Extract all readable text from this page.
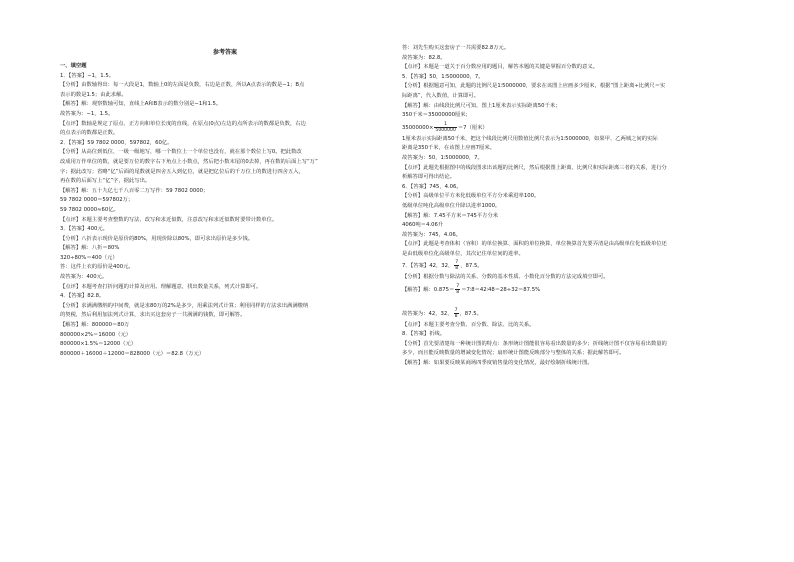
参考答案
一、填空题
1．【答案】−1，1.5。
【分析】由数轴得出：每一大段是1，数轴上0的左面是负数，右边是正数，所以A点表示的数是−1；B点
表示的数是1.5；由此求解。
【解答】解：观察数轴可知，直线上A和B表示的数分别是−1和1.5。
故答案为：−1，1.5。
【点评】数轴是规定了原点、正方向和单位长度的直线，在原点(0点)左边的点所表示的数都是负数，右边
的点表示的数都是正数。
2．【答案】59 7802 0000，597802，60亿。
【分析】从高位到低位，一级一级地写，哪一个数位上一个单位也没有，就在那个数位上写0。把此数改
改成用万作单位的数，就是要万位的数字右下角点上小数点，然后把小数末尾的0去掉，再在数的后面上写“万”
字；据此改写；省略“亿”后面的尾数就是四舍五入到亿位，就是把亿位后的千万位上的数进行四舍五入，
再在数的后面写上“亿”字，据此写出。
【解答】解：五十九亿七千八百零二万写作：59 7802 0000；
59 7802 0000＝597802万；
59 7802 0000≈60亿。
【点评】本题主要考查整数的写法、改写和求近似数，注意改写和求近似数时要带计数单位。
3．【答案】400元。
【分析】八折表示现价是原价的80%，用现价除以80%，即可求出原价是多少钱。
【解答】解：八折＝80%
320÷80%＝400（元）
答：这件上衣的原价是400元。
故答案为：400元。
【点评】本题考查打折问题的计算及应用。理解题意，找出数量关系，列式计算即可。
4．【答案】82.8。
【分析】求满满缴纳的中间费，就是求80万的2%是多少，用乘法列式计算；利用同样的方法求出满满缴纳
的契税，然后利用加法列式计算，求出买这套房子一共满满的钱数，即可解答。
【解答】解：800000＝80万
800000×2%＝16000（元）
800000×1.5%＝12000（元）
800000＋16000＋12000＝828000（元）＝82.8（万元）
答：刘先生购买这套房子一共需要82.8万元。
故答案为：82.8。
【点评】本题是一道关于百分数应用的题目，解答本题的关键是掌握百分数的意义。
5．【答案】50，1∶5000000，7。
【分析】根据题意可知，此题的比例尺是1∶5000000，要求在该图上应画多少厘米，根据“图上距离÷比例尺＝实
际距离”，代入数值，计算即可。
【解答】解：由线段比例尺可知，图上1厘米表示实际距离50千米；
350千米＝35000000厘米；
$35000000\times \frac{1}{5000000} =7$（厘米）
1厘米表示实际距离50千米，把这个线段比例尺用数值比例尺表示为1∶5000000，如果甲、乙两城之间的实际
距离是350千米，在该图上应画7厘米。
故答案为：50，1∶5000000，7。
【点评】此题先根据图中的线段图求出该题的比例尺，然后根据图上距离、比例尺和实际距离三者的关系，进行分
析解答即可得出结论。
6．【答案】745，4.06。
【分析】高级单位平方米化低级单位平方分米乘进率100。
低级单位吨化高级单位升降以进率1000。
【解答】解：7.45平方米＝745平方分米
4060吨＝4.06升
故答案为：745，4.06。
【点评】此题是考查体积（容积）的单位换算、面积的单位换算，单位换算首先要弄清是由高级单位化低级单位还
是由低级单位化高级单位，其次记住单位间的进率。
7．【答案】42，32， $\frac{7}{8}$ ，87.5。
【分析】根据分数与除法的关系、分数的基本性质、小数化百分数的方法完成填空即可。
【解答】解：$0.875= \frac{7}{8}$ ＝7∶8＝42∶48＝28÷32＝87.5%

故答案为：42，32， $\frac{7}{8}$ ，87.5。
【点评】本题主要考查分数、百分数、除法、比的关系。
8．【答案】折线。
【分析】首先要清楚每一种统计图的特点：条形统计图能很容易看出数量的多少；折线统计图不仅容易看出数量的
多少，而且能反映数量的增减变化情况；扇形统计图能反映部分与整体的关系；据此解答即可。
【解答】解：如果要反映某商场四季度销售量的变化情况，最好绘制折线统计图。
